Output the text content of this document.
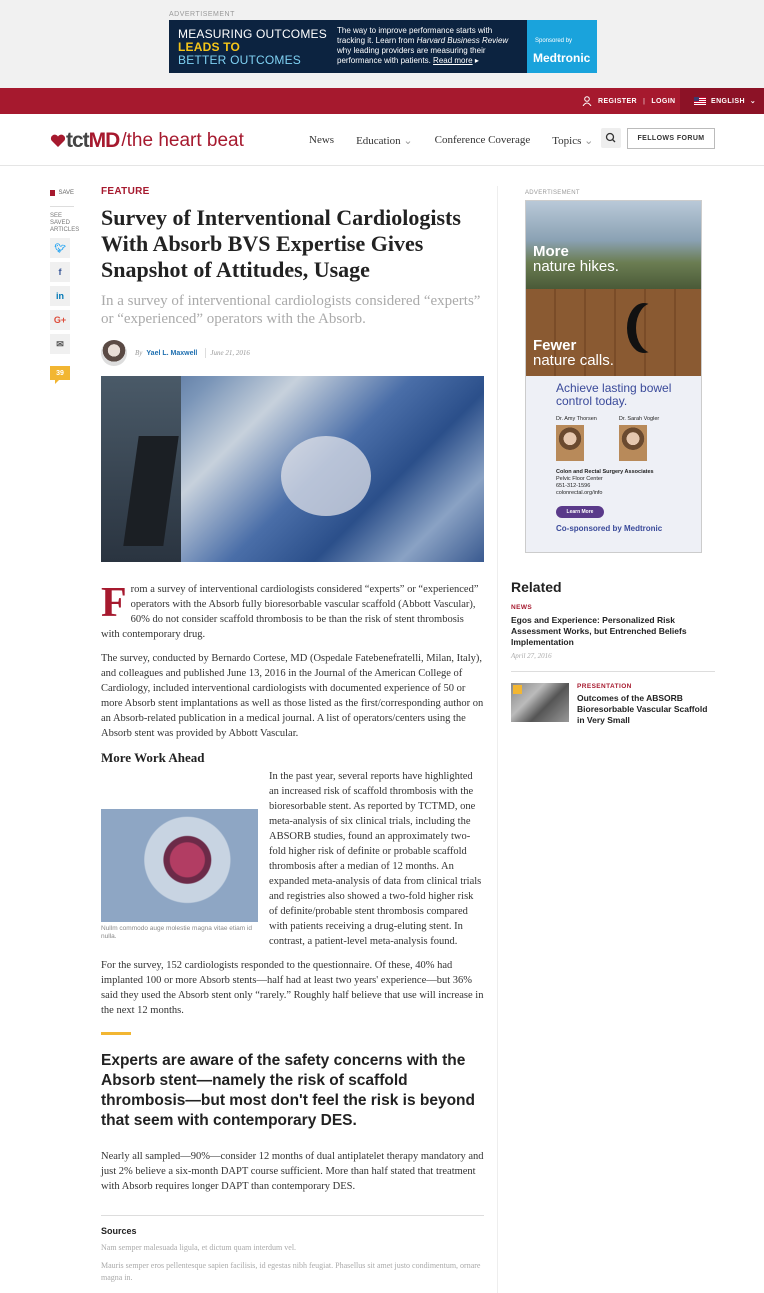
ADVERTISEMENT
MEASURING OUTCOMES
LEADS TO
BETTER OUTCOMES
The way to improve performance starts with tracking it. Learn from Harvard Business Review why leading providers are measuring their performance with patients. Read more ▸
Sponsored by
Medtronic
REGISTER | LOGIN	ENGLISH ⌄
tct MD /the heart beat	News Education ⌄ Conference Coverage Topics ⌄	FELLOWS FORUM
SAVE
SEE SAVED ARTICLES
🐦︎
f
in
G+
✉
39
FEATURE
Survey of Interventional Cardiologists With Absorb BVS Expertise Gives Snapshot of Attitudes, Usage
In a survey of interventional cardiologists considered “experts” or “experienced” operators with the Absorb.
By Yael L. Maxwell June 21, 2016

From a survey of interventional cardiologists considered “experts” or “experienced” operators with the Absorb fully bioresorbable vascular scaffold (Abbott Vascular), 60% do not consider scaffold thrombosis to be than the risk of stent thrombosis with contemporary drug.

The survey, conducted by Bernardo Cortese, MD (Ospedale Fatebenefratelli, Milan, Italy), and colleagues and published June 13, 2016 in the Journal of the American College of Cardiology, included interventional cardiologists with documented experience of 50 or more Absorb stent implantations as well as those listed as the first/corresponding author on an Absorb-related publication in a medical journal. A list of operators/centers using the Absorb stent was provided by Abbott Vascular.

More Work Ahead

Nullm commodo auge molestie magna vitae etiam id nulla.
In the past year, several reports have highlighted an increased risk of scaffold thrombosis with the bioresorbable stent. As reported by TCTMD, one meta-analysis of six clinical trials, including the ABSORB studies, found an approximately two-fold higher risk of definite or probable scaffold thrombosis after a median of 12 months. An expanded meta-analysis of data from clinical trials and registries also showed a two-fold higher risk of definite/probable stent thrombosis compared with patients receiving a drug-eluting stent. In contrast, a patient-level meta-analysis found.

For the survey, 152 cardiologists responded to the questionnaire. Of these, 40% had implanted 100 or more Absorb stents—half had at least two years' experience—but 36% said they used the Absorb stent only “rarely.” Roughly half believe that use will increase in the next 12 months.

Experts are aware of the safety concerns with the Absorb stent—namely the risk of scaffold thrombosis—but most don't feel the risk is beyond that seem with contemporary DES.

Nearly all sampled—90%—consider 12 months of dual antiplatelet therapy mandatory and just 2% believe a six-month DAPT course sufficient. More than half stated that treatment with Absorb requires longer DAPT than contemporary DES.

Sources

Nam semper malesuada ligula, et dictum quam interdum vel.

Mauris semper eros pellentesque sapien facilisis, id egestas nibh feugiat. Phasellus sit amet justo condimentum, ornare magna in.

ADVERTISEMENT
More
nature hikes.
Fewer
nature calls.
Achieve lasting bowel control today.
Dr. Amy Thorsen	Dr. Sarah Vogler
Colon and Rectal Surgery Associates
Pelvic Floor Center
651-312-1596
colonrectal.org/info
Learn More
Co-sponsored by Medtronic
Related
NEWS
Egos and Experience: Personalized Risk Assessment Works, but Entrenched Beliefs Implementation
April 27, 2016
PRESENTATION
Outcomes of the ABSORB Bioresorbable Vascular Scaffold in Very Small
